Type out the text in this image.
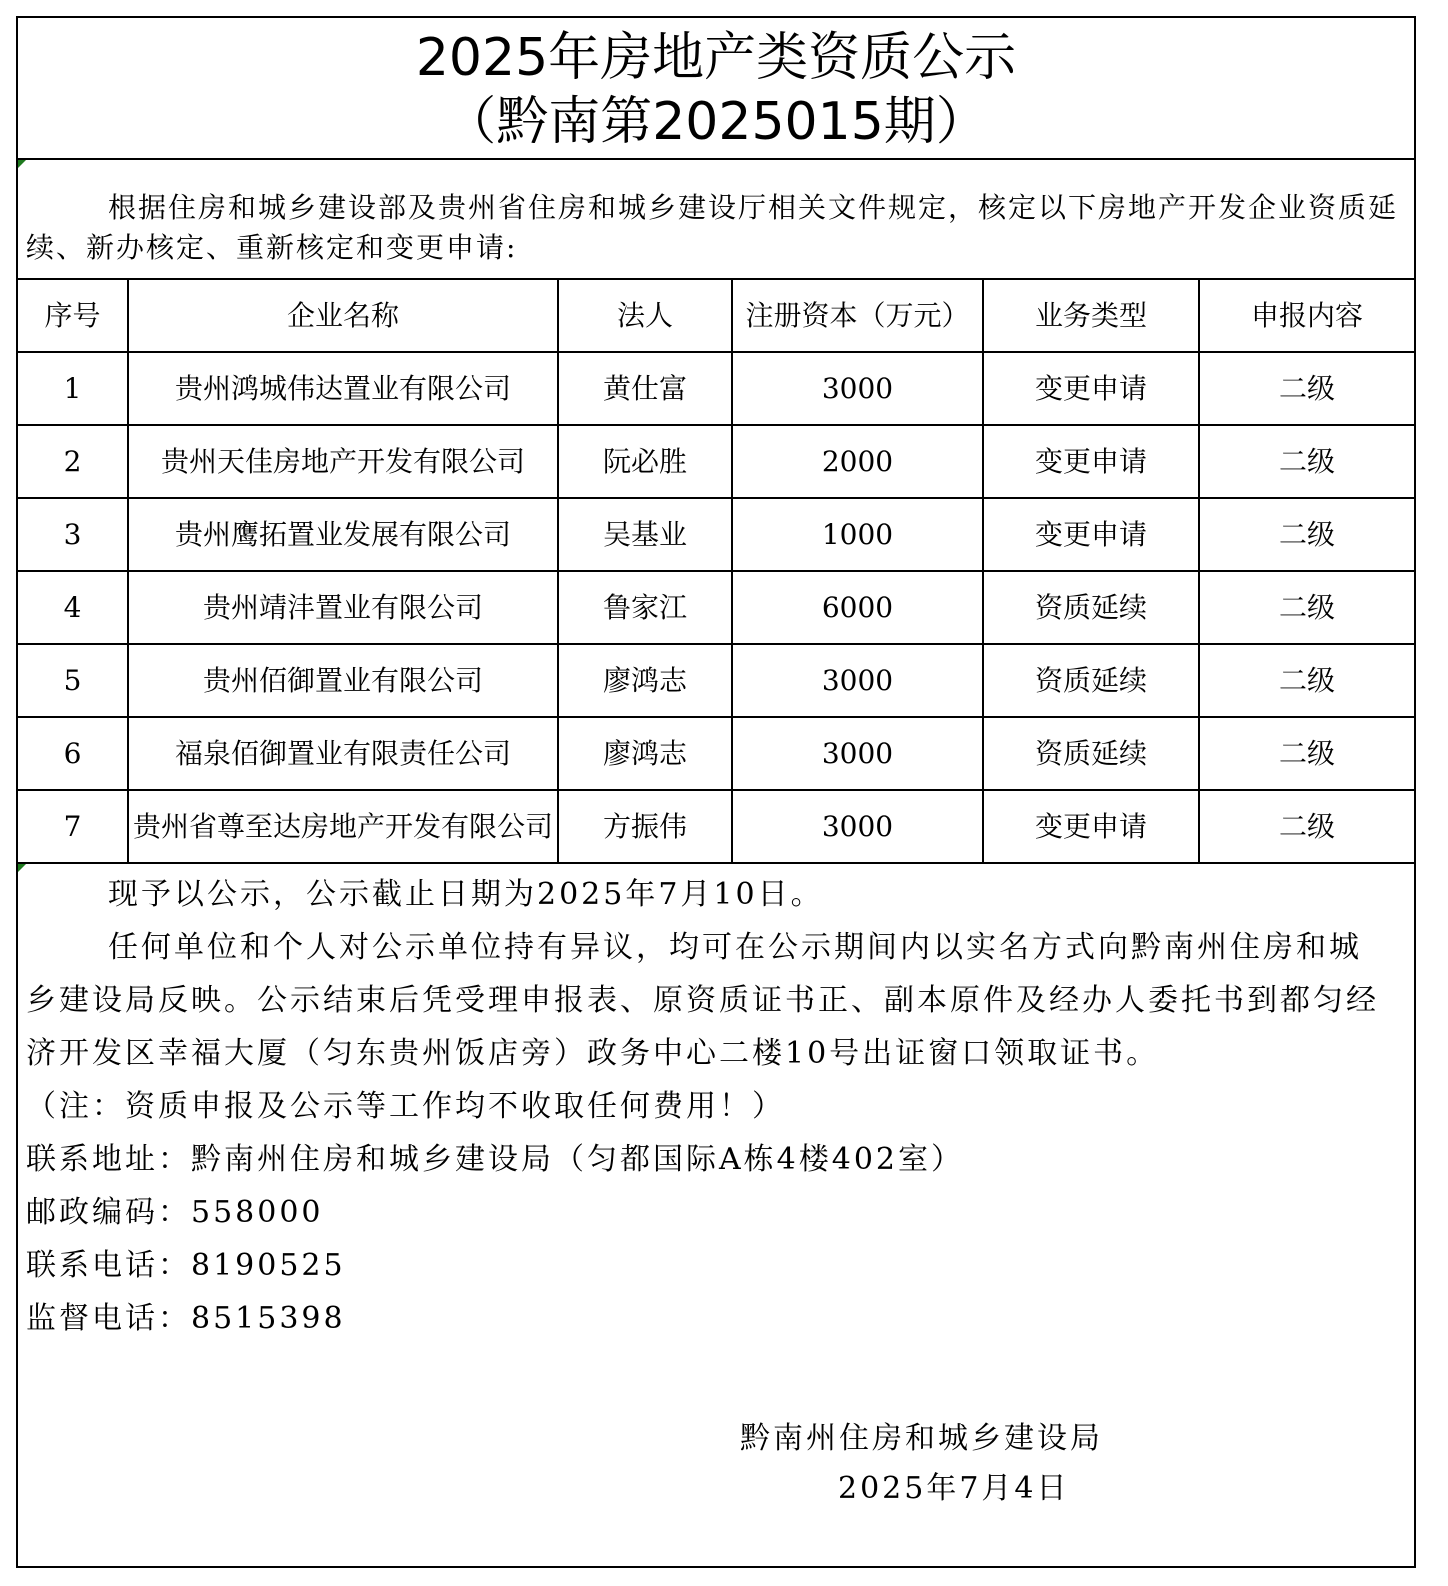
2025年房地产类资质公示
（黔南第2025015期）
根据住房和城乡建设部及贵州省住房和城乡建设厅相关文件规定，核定以下房地产开发企业资质延续、新办核定、重新核定和变更申请:
序号	企业名称	法人	注册资本（万元）	业务类型	申报内容
1	贵州鸿城伟达置业有限公司	黄仕富	3000	变更申请	二级
2	贵州天佳房地产开发有限公司	阮必胜	2000	变更申请	二级
3	贵州鹰拓置业发展有限公司	吴基业	1000	变更申请	二级
4	贵州靖沣置业有限公司	鲁家江	6000	资质延续	二级
5	贵州佰御置业有限公司	廖鸿志	3000	资质延续	二级
6	福泉佰御置业有限责任公司	廖鸿志	3000	资质延续	二级
7	贵州省尊至达房地产开发有限公司	方振伟	3000	变更申请	二级

现予以公示，公示截止日期为2025年7月10日。

任何单位和个人对公示单位持有异议，均可在公示期间内以实名方式向黔南州住房和城乡建设局反映。公示结束后凭受理申报表、原资质证书正、副本原件及经办人委托书到都匀经济开发区幸福大厦（匀东贵州饭店旁）政务中心二楼10号出证窗口领取证书。

（注：资质申报及公示等工作均不收取任何费用！）

联系地址：黔南州住房和城乡建设局（匀都国际A栋4楼402室）

邮政编码：558000

联系电话：8190525

监督电话：8515398

黔南州住房和城乡建设局
2025年7月4日
